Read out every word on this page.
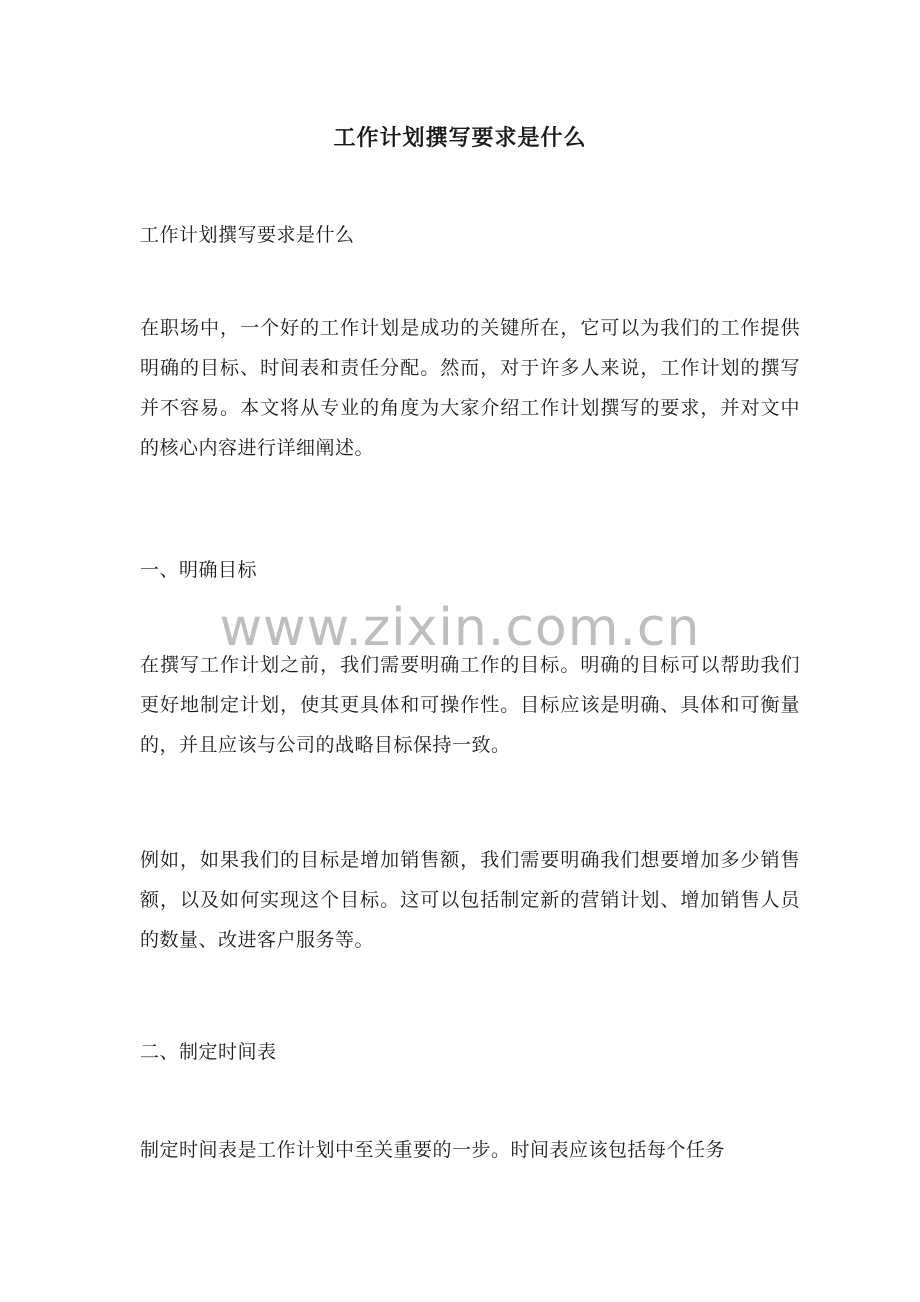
工作计划撰写要求是什么

工作计划撰写要求是什么

在职场中，一个好的工作计划是成功的关键所在，它可以为我们的工作提供明确的目标、时间表和责任分配。然而，对于许多人来说，工作计划的撰写并不容易。本文将从专业的角度为大家介绍工作计划撰写的要求，并对文中的核心内容进行详细阐述。

一、明确目标

在撰写工作计划之前，我们需要明确工作的目标。明确的目标可以帮助我们更好地制定计划，使其更具体和可操作性。目标应该是明确、具体和可衡量的，并且应该与公司的战略目标保持一致。

例如，如果我们的目标是增加销售额，我们需要明确我们想要增加多少销售额，以及如何实现这个目标。这可以包括制定新的营销计划、增加销售人员的数量、改进客户服务等。

二、制定时间表

制定时间表是工作计划中至关重要的一步。时间表应该包括每个任务

www.zixin.com.cn
